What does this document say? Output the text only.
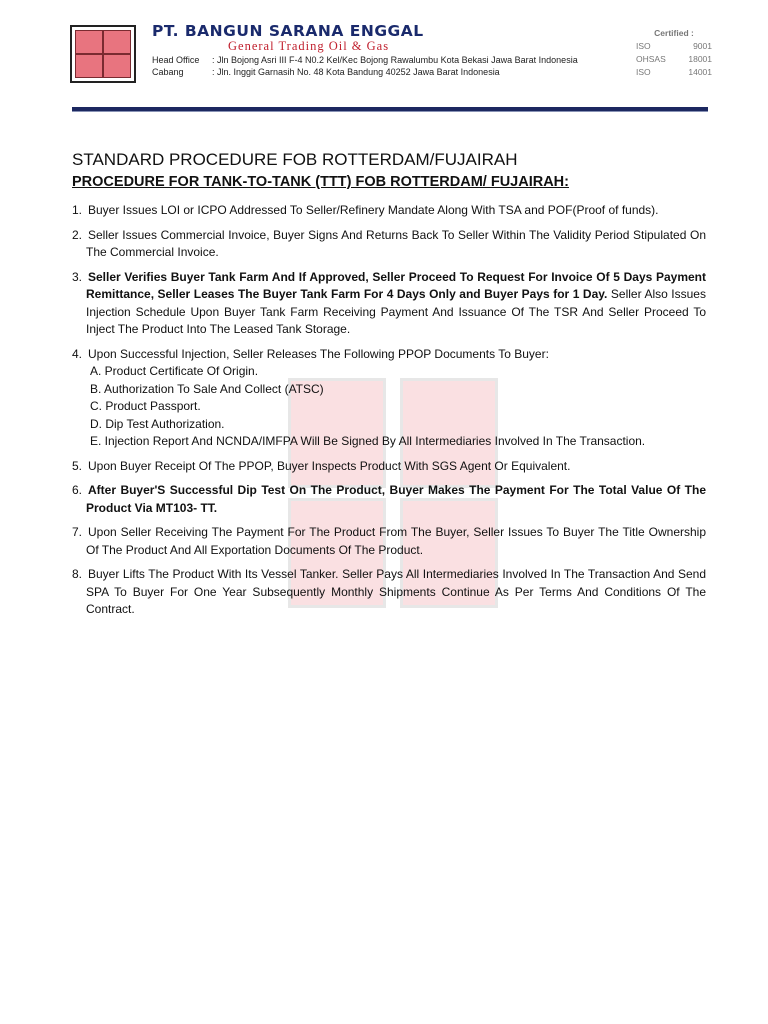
PT. BANGUN SARANA ENGGAL
General Trading Oil & Gas
Head Office : Jln Bojong Asri III F-4 N0.2 Kel/Kec Bojong Rawalumbu Kota Bekasi Jawa Barat Indonesia
Cabang	: Jln. Inggit Garnasih No. 48 Kota Bandung 40252 Jawa Barat Indonesia
Certified :
ISO	9001
OHSAS	18001
ISO	14001
STANDARD PROCEDURE FOB ROTTERDAM/FUJAIRAH
PROCEDURE FOR TANK-TO-TANK (TTT) FOB ROTTERDAM/ FUJAIRAH:
1. Buyer Issues LOI or ICPO Addressed To Seller/Refinery Mandate Along With TSA and POF(Proof of funds).
2. Seller Issues Commercial Invoice, Buyer Signs And Returns Back To Seller Within The Validity Period Stipulated On The Commercial Invoice.
3. Seller Verifies Buyer Tank Farm And If Approved, Seller Proceed To Request For Invoice Of 5 Days Payment Remittance, Seller Leases The Buyer Tank Farm For 4 Days Only and Buyer Pays for 1 Day. Seller Also Issues Injection Schedule Upon Buyer Tank Farm Receiving Payment And Issuance Of The TSR And Seller Proceed To Inject The Product Into The Leased Tank Storage.
4. Upon Successful Injection, Seller Releases The Following PPOP Documents To Buyer:
A. Product Certificate Of Origin.
B. Authorization To Sale And Collect (ATSC)
C. Product Passport.
D. Dip Test Authorization.
E. Injection Report And NCNDA/IMFPA Will Be Signed By All Intermediaries Involved In The Transaction.
5. Upon Buyer Receipt Of The PPOP, Buyer Inspects Product With SGS Agent Or Equivalent.
6. After Buyer'S Successful Dip Test On The Product, Buyer Makes The Payment For The Total Value Of The Product Via MT103- TT.
7. Upon Seller Receiving The Payment For The Product From The Buyer, Seller Issues To Buyer The Title Ownership Of The Product And All Exportation Documents Of The Product.
8. Buyer Lifts The Product With Its Vessel Tanker. Seller Pays All Intermediaries Involved In The Transaction And Send SPA To Buyer For One Year Subsequently Monthly Shipments Continue As Per Terms And Conditions Of The Contract.
